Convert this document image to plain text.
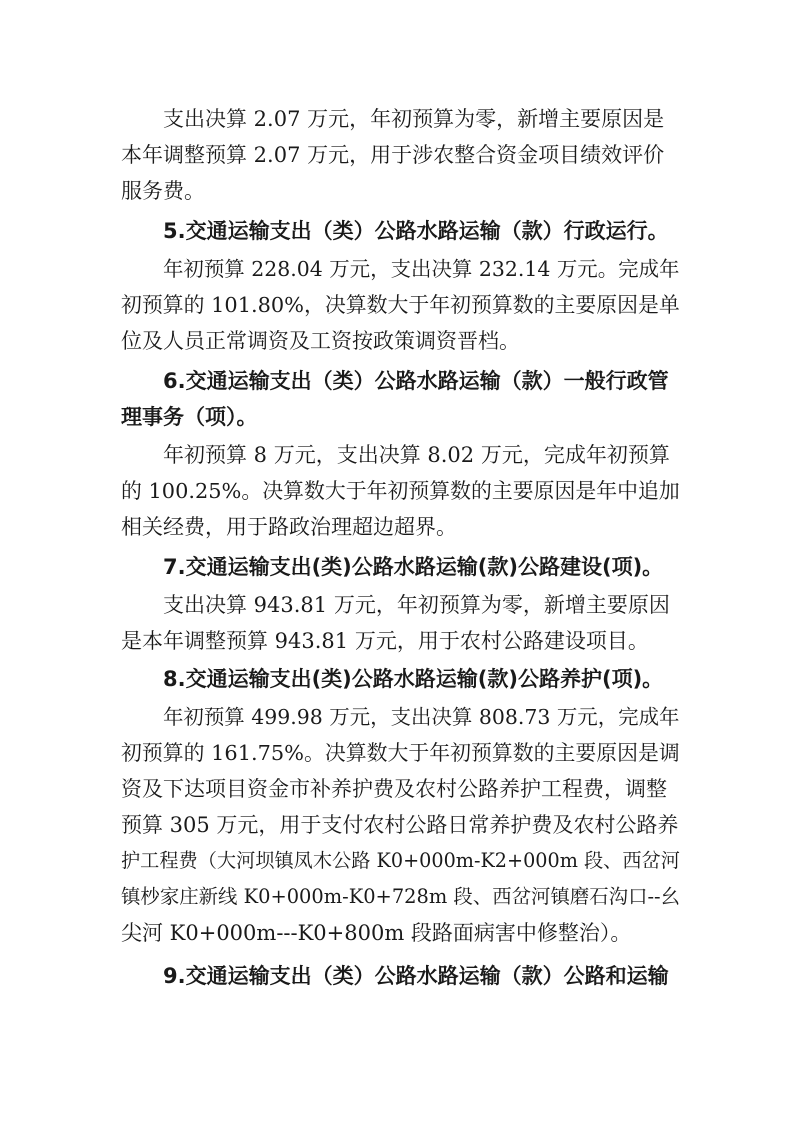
支出决算 2.07 万元，年初预算为零，新增主要原因是
本年调整预算 2.07 万元，用于涉农整合资金项目绩效评价
服务费。
5.交通运输支出（类）公路水路运输（款）行政运行。
年初预算 228.04 万元，支出决算 232.14 万元。完成年
初预算的 101.80%，决算数大于年初预算数的主要原因是单
位及人员正常调资及工资按政策调资晋档。
6.交通运输支出（类）公路水路运输（款）一般行政管
理事务（项）。
年初预算 8 万元，支出决算 8.02 万元，完成年初预算
的 100.25%。决算数大于年初预算数的主要原因是年中追加
相关经费，用于路政治理超边超界。
7.交通运输支出(类)公路水路运输(款)公路建设(项)。
支出决算 943.81 万元，年初预算为零，新增主要原因
是本年调整预算 943.81 万元，用于农村公路建设项目。
8.交通运输支出(类)公路水路运输(款)公路养护(项)。
年初预算 499.98 万元，支出决算 808.73 万元，完成年
初预算的 161.75%。决算数大于年初预算数的主要原因是调
资及下达项目资金市补养护费及农村公路养护工程费，调整
预算 305 万元，用于支付农村公路日常养护费及农村公路养
护工程费（大河坝镇凤木公路 K0+000m-K2+000m 段、西岔河
镇杪家庄新线 K0+000m-K0+728m 段、西岔河镇磨石沟口--幺
尖河 K0+000m---K0+800m 段路面病害中修整治）。
9.交通运输支出（类）公路水路运输（款）公路和运输
